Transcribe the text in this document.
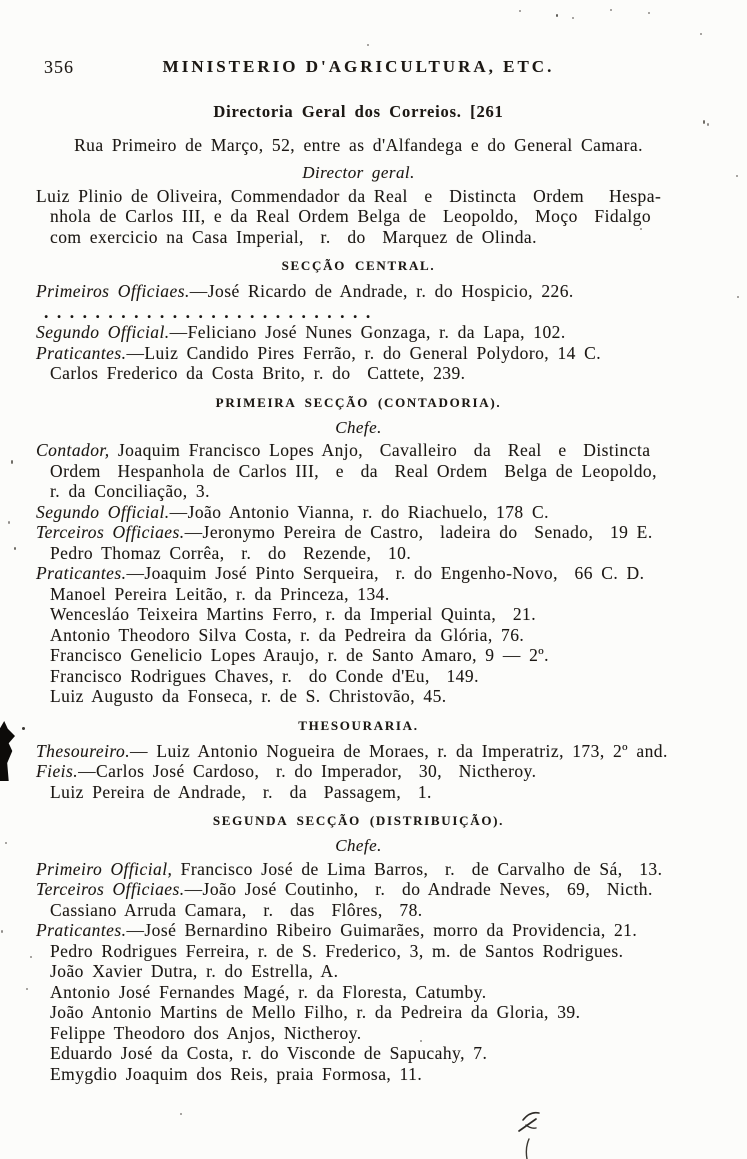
356	MINISTERIO D'AGRICULTURA, ETC.
Directoria Geral dos Correios. [261
Rua Primeiro de Março, 52, entre as d'Alfandega e do General Camara.
Director geral.
Luiz Plinio de Oliveira, Commendador da Real  e  Distincta  Ordem   Hespa-
nhola de Carlos III, e da Real Ordem Belga de  Leopoldo,  Moço  Fidalgo
com exercicio na Casa Imperial,  r.  do  Marquez de Olinda.
SECÇÃO CENTRAL.
Primeiros Officiaes.—José Ricardo de Andrade, r. do Hospicio, 226.
..........................
Segundo Official.—Feliciano José Nunes Gonzaga, r. da Lapa, 102.
Praticantes.—Luiz Candido Pires Ferrão, r. do General Polydoro, 14 C.
Carlos Frederico da Costa Brito, r. do  Cattete, 239.
PRIMEIRA SECÇÃO (CONTADORIA).
Chefe.
Contador, Joaquim Francisco Lopes Anjo,  Cavalleiro  da  Real  e  Distincta
Ordem  Hespanhola de Carlos III,  e  da  Real Ordem  Belga de Leopoldo,
r. da Conciliação, 3.
Segundo Official.—João Antonio Vianna, r. do Riachuelo, 178 C.
Terceiros Officiaes.—Jeronymo Pereira de Castro,  ladeira do  Senado,  19 E.
Pedro Thomaz Corrêa,  r.  do  Rezende,  10.
Praticantes.—Joaquim José Pinto Serqueira,  r. do Engenho-Novo,  66 C. D.
Manoel Pereira Leitão, r. da Princeza, 134.
Wencesláo Teixeira Martins Ferro, r. da Imperial Quinta,  21.
Antonio Theodoro Silva Costa, r. da Pedreira da Glória, 76.
Francisco Genelicio Lopes Araujo, r. de Santo Amaro, 9 — 2º.
Francisco Rodrigues Chaves, r.  do Conde d'Eu,  149.
Luiz Augusto da Fonseca, r. de S. Christovão, 45.
THESOURARIA.
Thesoureiro.— Luiz Antonio Nogueira de Moraes, r. da Imperatriz, 173, 2º and.
Fieis.—Carlos José Cardoso,  r. do Imperador,  30,  Nictheroy.
Luiz Pereira de Andrade,  r.  da  Passagem,  1.
SEGUNDA SECÇÃO (DISTRIBUIÇÃO).
Chefe.
Primeiro Official, Francisco José de Lima Barros,  r.  de Carvalho de Sá,  13.
Terceiros Officiaes.—João José Coutinho,  r.  do Andrade Neves,  69,  Nicth.
Cassiano Arruda Camara,  r.  das  Flôres,  78.
Praticantes.—José Bernardino Ribeiro Guimarães, morro da Providencia, 21.
Pedro Rodrigues Ferreira, r. de S. Frederico, 3, m. de Santos Rodrigues.
João Xavier Dutra, r. do Estrella, A.
Antonio José Fernandes Magé, r. da Floresta, Catumby.
João Antonio Martins de Mello Filho, r. da Pedreira da Gloria, 39.
Felippe Theodoro dos Anjos, Nictheroy.
Eduardo José da Costa, r. do Visconde de Sapucahy, 7.
Emygdio Joaquim dos Reis, praia Formosa, 11.
